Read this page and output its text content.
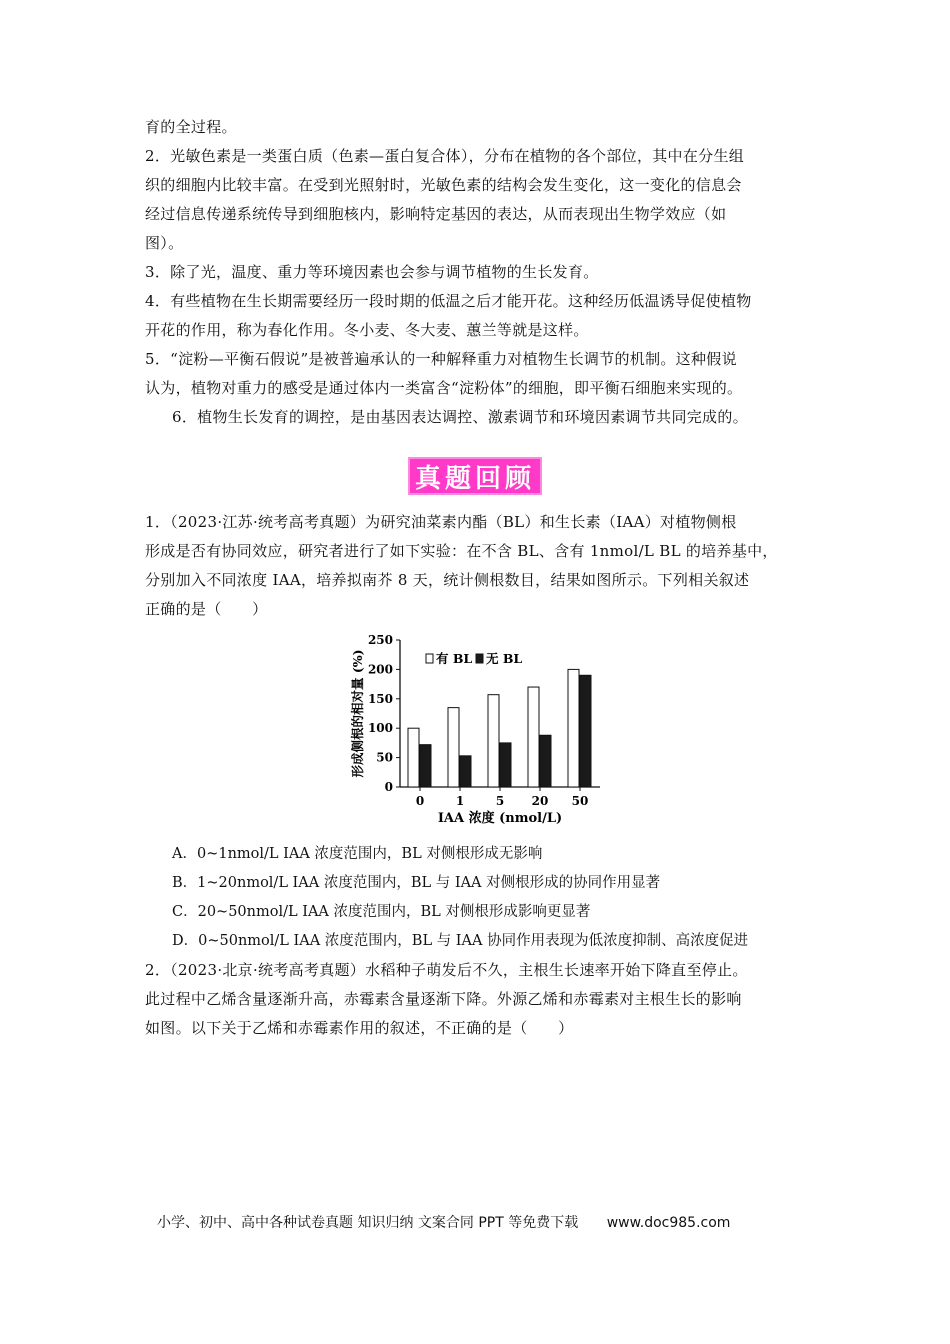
育的全过程。
2．光敏色素是一类蛋白质（色素—蛋白复合体），分布在植物的各个部位，其中在分生组
织的细胞内比较丰富。在受到光照射时，光敏色素的结构会发生变化，这一变化的信息会
经过信息传递系统传导到细胞核内，影响特定基因的表达，从而表现出生物学效应（如
图）。
3．除了光，温度、重力等环境因素也会参与调节植物的生长发育。
4．有些植物在生长期需要经历一段时期的低温之后才能开花。这种经历低温诱导促使植物
开花的作用，称为春化作用。冬小麦、冬大麦、蕙兰等就是这样。
5．“淀粉—平衡石假说”是被普遍承认的一种解释重力对植物生长调节的机制。这种假说
认为，植物对重力的感受是通过体内一类富含“淀粉体”的细胞，即平衡石细胞来实现的。
6．植物生长发育的调控，是由基因表达调控、激素调节和环境因素调节共同完成的。
真题回顾
1．（2023·江苏·统考高考真题）为研究油菜素内酯（BL）和生长素（IAA）对植物侧根
形成是否有协同效应，研究者进行了如下实验：在不含 BL、含有 1nmol/L BL 的培养基中，
分别加入不同浓度 IAA，培养拟南芥 8 天，统计侧根数目，结果如图所示。下列相关叙述
正确的是（　　）
0
50
100
150
200
250
0	1	5 20 50
IAA 浓度 (nmol/L)
形成侧根的相对量 (%)	有 BL 无 BL
A．0~1nmol/L IAA 浓度范围内，BL 对侧根形成无影响
B．1~20nmol/L IAA 浓度范围内，BL 与 IAA 对侧根形成的协同作用显著
C．20~50nmol/L IAA 浓度范围内，BL 对侧根形成影响更显著
D．0~50nmol/L IAA 浓度范围内，BL 与 IAA 协同作用表现为低浓度抑制、高浓度促进
2．（2023·北京·统考高考真题）水稻种子萌发后不久，主根生长速率开始下降直至停止。
此过程中乙烯含量逐渐升高，赤霉素含量逐渐下降。外源乙烯和赤霉素对主根生长的影响
如图。以下关于乙烯和赤霉素作用的叙述，不正确的是（　　）
小学、初中、高中各种试卷真题 知识归纳 文案合同 PPT 等免费下载 www.doc985.com
